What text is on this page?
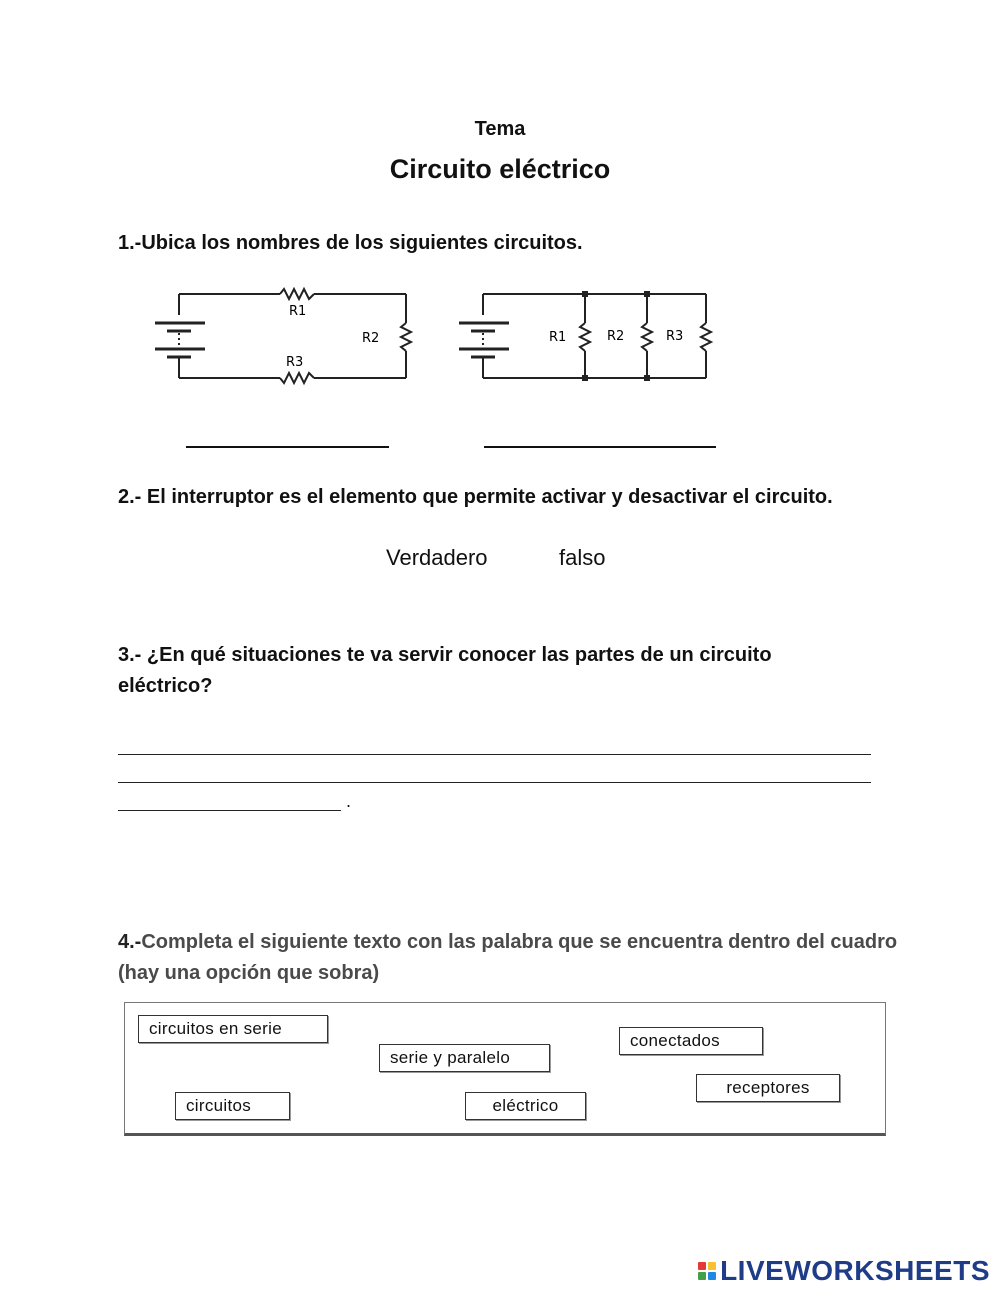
Tema
Circuito eléctrico
1.-Ubica los nombres de los siguientes circuitos.
R1
R2
R3
R1	R2	R3
2.- El interruptor es el elemento que permite activar y desactivar el circuito.
Verdadero	falso
3.- ¿En qué situaciones te va servir conocer las partes de un circuito eléctrico?
.
4.-Completa el siguiente texto con las palabra que se encuentra dentro del cuadro (hay una opción que sobra)
circuitos en serie
serie y paralelo
conectados
receptores
circuitos	eléctrico
LIVEWORKSHEETS
